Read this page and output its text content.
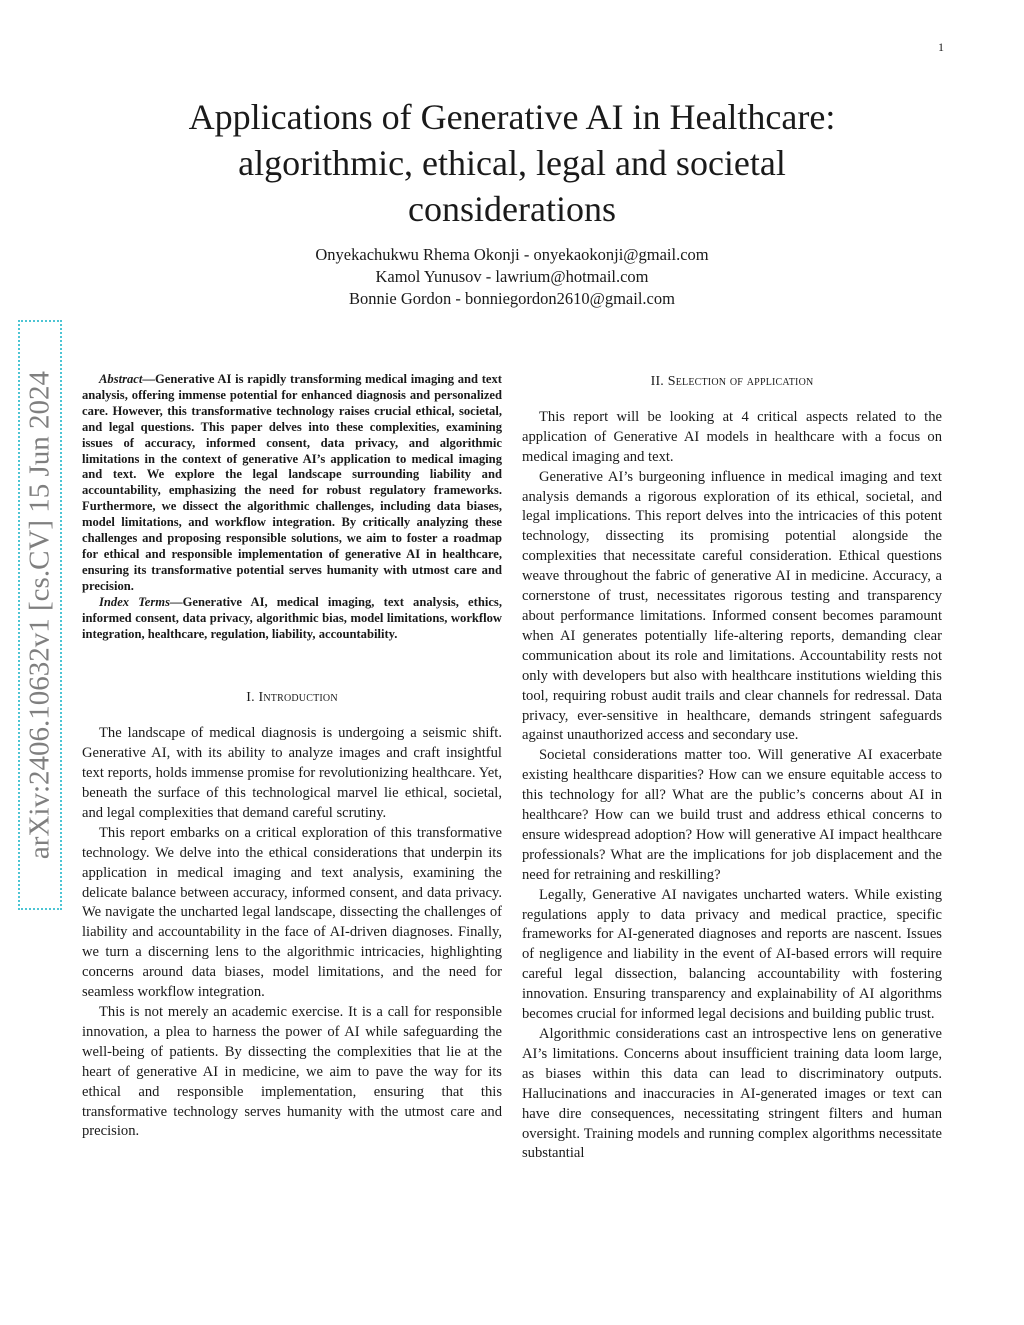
1
arXiv:2406.10632v1 [cs.CV] 15 Jun 2024
Applications of Generative AI in Healthcare:
algorithmic, ethical, legal and societal
considerations
Onyekachukwu Rhema Okonji - onyekaokonji@gmail.com
Kamol Yunusov - lawrium@hotmail.com
Bonnie Gordon - bonniegordon2610@gmail.com

Abstract—Generative AI is rapidly transforming medical imaging and text analysis, offering immense potential for enhanced diagnosis and personalized care. However, this transformative technology raises crucial ethical, societal, and legal questions. This paper delves into these complexities, examining issues of accuracy, informed consent, data privacy, and algorithmic limitations in the context of generative AI’s application to medical imaging and text. We explore the legal landscape surrounding liability and accountability, emphasizing the need for robust regulatory frameworks. Furthermore, we dissect the algorithmic challenges, including data biases, model limitations, and workflow integration. By critically analyzing these challenges and proposing responsible solutions, we aim to foster a roadmap for ethical and responsible implementation of generative AI in healthcare, ensuring its transformative potential serves humanity with utmost care and precision.

Index Terms—Generative AI, medical imaging, text analysis, ethics, informed consent, data privacy, algorithmic bias, model limitations, workflow integration, healthcare, regulation, liability, accountability.

I. Introduction

The landscape of medical diagnosis is undergoing a seismic shift. Generative AI, with its ability to analyze images and craft insightful text reports, holds immense promise for revolutionizing healthcare. Yet, beneath the surface of this technological marvel lie ethical, societal, and legal complexities that demand careful scrutiny.

This report embarks on a critical exploration of this transformative technology. We delve into the ethical considerations that underpin its application in medical imaging and text analysis, examining the delicate balance between accuracy, informed consent, and data privacy. We navigate the uncharted legal landscape, dissecting the challenges of liability and accountability in the face of AI-driven diagnoses. Finally, we turn a discerning lens to the algorithmic intricacies, highlighting concerns around data biases, model limitations, and the need for seamless workflow integration.

This is not merely an academic exercise. It is a call for responsible innovation, a plea to harness the power of AI while safeguarding the well-being of patients. By dissecting the complexities that lie at the heart of generative AI in medicine, we aim to pave the way for its ethical and responsible implementation, ensuring that this transformative technology serves humanity with the utmost care and precision.

II. Selection of application

This report will be looking at 4 critical aspects related to the application of Generative AI models in healthcare with a focus on medical imaging and text.

Generative AI’s burgeoning influence in medical imaging and text analysis demands a rigorous exploration of its ethical, societal, and legal implications. This report delves into the intricacies of this potent technology, dissecting its promising potential alongside the complexities that necessitate careful consideration. Ethical questions weave throughout the fabric of generative AI in medicine. Accuracy, a cornerstone of trust, necessitates rigorous testing and transparency about performance limitations. Informed consent becomes paramount when AI generates potentially life-altering reports, demanding clear communication about its role and limitations. Accountability rests not only with developers but also with healthcare institutions wielding this tool, requiring robust audit trails and clear channels for redressal. Data privacy, ever-sensitive in healthcare, demands stringent safeguards against unauthorized access and secondary use.

Societal considerations matter too. Will generative AI exacerbate existing healthcare disparities? How can we ensure equitable access to this technology for all? What are the public’s concerns about AI in healthcare? How can we build trust and address ethical concerns to ensure widespread adoption? How will generative AI impact healthcare professionals? What are the implications for job displacement and the need for retraining and reskilling?

Legally, Generative AI navigates uncharted waters. While existing regulations apply to data privacy and medical practice, specific frameworks for AI-generated diagnoses and reports are nascent. Issues of negligence and liability in the event of AI-based errors will require careful legal dissection, balancing accountability with fostering innovation. Ensuring transparency and explainability of AI algorithms becomes crucial for informed legal decisions and building public trust.

Algorithmic considerations cast an introspective lens on generative AI’s limitations. Concerns about insufficient training data loom large, as biases within this data can lead to discriminatory outputs. Hallucinations and inaccuracies in AI-generated images or text can have dire consequences, necessitating stringent filters and human oversight. Training models and running complex algorithms necessitate substantial
